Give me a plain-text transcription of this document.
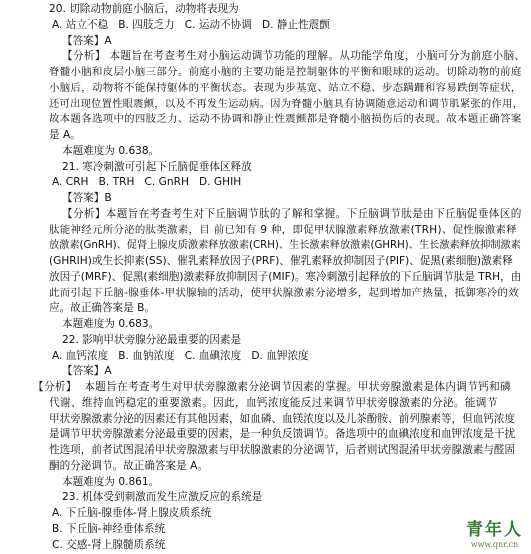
20. 切除动物前庭小脑后，动物将表现为
A. 站立不稳   B. 四肢乏力   C. 运动不协调   D. 静止性震颤
【答案】A
【分析】 本题旨在考查考生对小脑运动调节功能的理解。从功能学角度，小脑可分为前庭小脑、
脊髓小脑和皮层小脑三部分。前庭小脑的主要功能是控制躯体的平衡和眼球的运动。切除动物的前庭
小脑后，动物将不能保持躯体的平衡状态。表现为步基宽、站立不稳、步态蹒跚和容易跌倒等症状，
还可出现位置性眼震颤，以及不再发生运动病。因为脊髓小脑具有协调随意运动和调节肌紧张的作用，
故本题各选项中的四肢乏力、运动不协调和静止性震颤都是脊髓小脑损伤后的表现。故本题正确答案
是 A。
本题难度为 0.638。
21. 寒冷刺激可引起下丘脑促垂体区释放
A. CRH   B. TRH   C. GnRH   D. GHIH
【答案】B
【分析】本题旨在考查考生对下丘脑调节肽的了解和掌握。下丘脑调节肽是由下丘脑促垂体区的
肽能神经元所分泌的肽类激素，目 前已知有 9 种，即促甲状腺激素释放激素(TRH)、促性腺激素释
放激素(GnRH)、促肾上腺皮质激素释放激素(CRH)、生长激素释放激素(GHRH)、生长激素释放抑制激素
(GHRIH)或生长抑素(SS)、催乳素释放因子(PRF)、催乳素释放抑制因子(PIF)、促黑(素细胞)激素释
放因子(MRF)、促黑(素细胞)激素释放抑制因子(MIF)。寒冷刺激引起释放的下丘脑调节肽是 TRH，由
此而引起下丘脑-腺垂体-甲状腺轴的活动，使甲状腺激素分泌增多，起到增加产热量，抵御寒冷的效
应。故正确答案是 B。
本题难度为 0.683。
22. 影响甲状旁腺分泌最重要的因素是
A. 血钙浓度   B. 血钠浓度   C. 血碘浓度   D. 血钾浓度
【答案】A
【分析】  本题旨在考查考生对甲状旁腺激素分泌调节因素的掌握。甲状旁腺激素是体内调节钙和磷
代谢、维持血钙稳定的重要激素。因此，血钙浓度能反过来调节甲状旁腺激素的分泌。能调节
甲状旁腺激素分泌的因素还有其他因素，如血磷、血镁浓度以及儿茶酚胺、前列腺素等，但血钙浓度
是调节甲状旁腺激素分泌最重要的因素，是一种负反馈调节。备选项中的血碘浓度和血钾浓度是干扰
性选项，前者试图混淆甲状旁腺激素与甲状腺激素的分泌调节，后者则试图混淆甲状旁腺激素与醛固
酮的分泌调节。故正确答案是 A。
本题难度为 0.861。
23. 机体受到刺激而发生应激反应的系统是
A. 下丘脑-腺垂体-肾上腺皮质系统
B. 下丘脑-神经垂体系统
C. 交感-肾上腺髓质系统
青年人
www.qnr.cn
